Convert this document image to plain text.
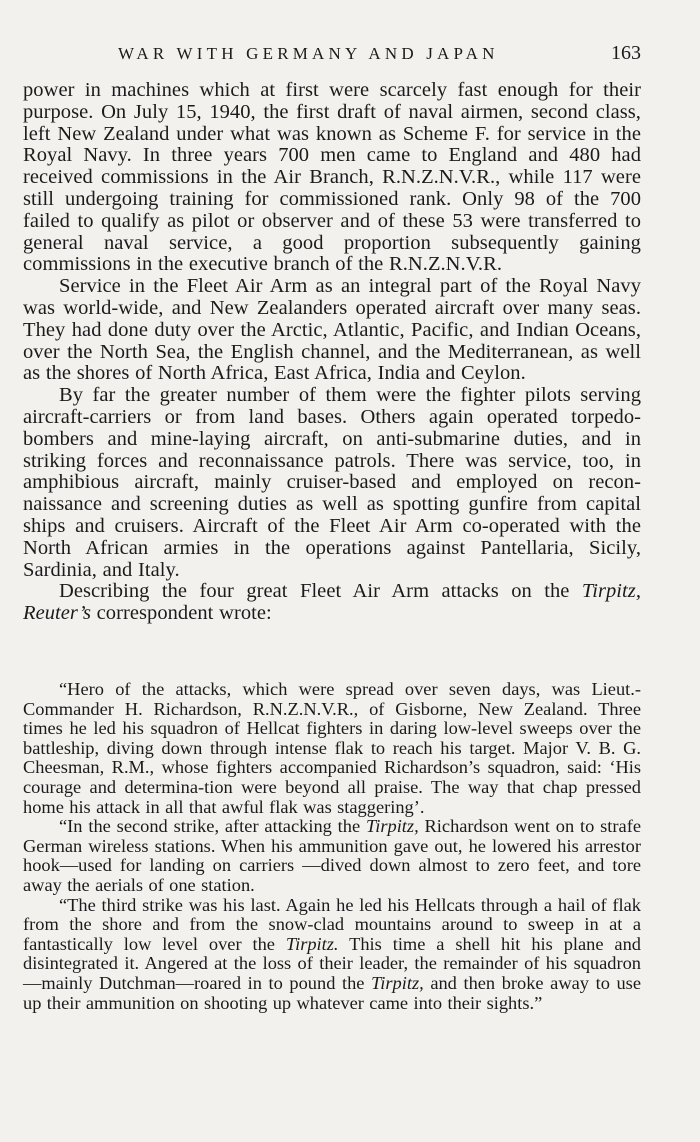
WAR WITH GERMANY AND JAPAN	163

power in machines which at first were scarcely fast enough for their purpose. On July 15, 1940, the first draft of naval airmen, second class, left New Zealand under what was known as Scheme F. for service in the Royal Navy. In three years 700 men came to England and 480 had received commissions in the Air Branch, R.N.Z.N.V.R., while 117 were still undergoing training for commissioned rank. Only 98 of the 700 failed to qualify as pilot or observer and of these 53 were transferred to general naval service, a good proportion subsequently gaining commissions in the executive branch of the R.N.Z.N.V.R.

Service in the Fleet Air Arm as an integral part of the Royal Navy was world-wide, and New Zealanders operated aircraft over many seas. They had done duty over the Arctic, Atlantic, Pacific, and Indian Oceans, over the North Sea, the English channel, and the Mediterranean, as well as the shores of North Africa, East Africa, India and Ceylon.

By far the greater number of them were the fighter pilots serving aircraft-carriers or from land bases. Others again operated torpedo-bombers and mine-laying aircraft, on anti-submarine duties, and in striking forces and reconnaissance patrols. There was service, too, in amphibious aircraft, mainly cruiser-based and employed on recon-naissance and screening duties as well as spotting gunfire from capital ships and cruisers. Aircraft of the Fleet Air Arm co-operated with the North African armies in the operations against Pantellaria, Sicily, Sardinia, and Italy.

Describing the four great Fleet Air Arm attacks on the Tirpitz, Reuter’s correspondent wrote:

“Hero of the attacks, which were spread over seven days, was Lieut.-Commander H. Richardson, R.N.Z.N.V.R., of Gisborne, New Zealand. Three times he led his squadron of Hellcat fighters in daring low-level sweeps over the battleship, diving down through intense flak to reach his target. Major V. B. G. Cheesman, R.M., whose fighters accompanied Richardson’s squadron, said: ‘His courage and determina-tion were beyond all praise. The way that chap pressed home his attack in all that awful flak was staggering’.

“In the second strike, after attacking the Tirpitz, Richardson went on to strafe German wireless stations. When his ammunition gave out, he lowered his arrestor hook—used for landing on carriers —dived down almost to zero feet, and tore away the aerials of one station.

“The third strike was his last. Again he led his Hellcats through a hail of flak from the shore and from the snow-clad mountains around to sweep in at a fantastically low level over the Tirpitz. This time a shell hit his plane and disintegrated it. Angered at the loss of their leader, the remainder of his squadron—mainly Dutchman—roared in to pound the Tirpitz, and then broke away to use up their ammunition on shooting up whatever came into their sights.”
